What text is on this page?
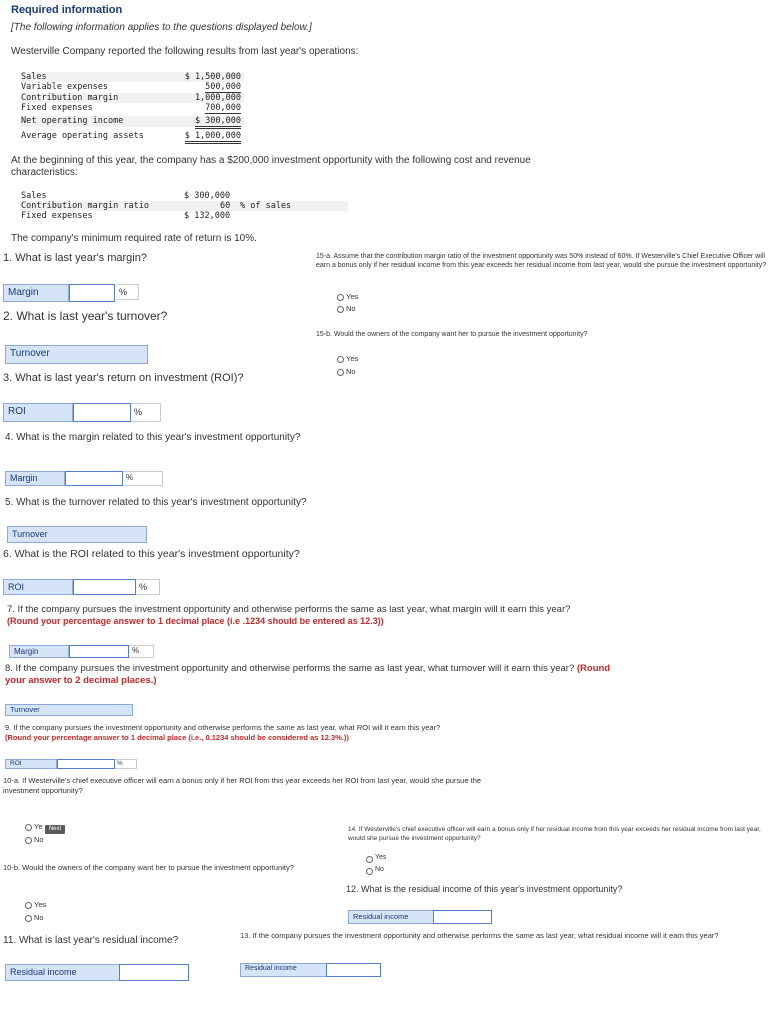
Required information
[The following information applies to the questions displayed below.]
Westerville Company reported the following results from last year's operations:
Sales	$ 1,500,000
Variable expenses	500,000
Contribution margin	1,000,000
Fixed expenses	700,000
Net operating income	$ 300,000
Average operating assets	$ 1,000,000
At the beginning of this year, the company has a $200,000 investment opportunity with the following cost and revenue characteristics:
Sales	$ 300,000
Contribution margin ratio	60 % of sales
Fixed expenses	$ 132,000
The company's minimum required rate of return is 10%.
1. What is last year's margin?
Margin	%
2. What is last year's turnover?
Turnover
3. What is last year's return on investment (ROI)?
ROI	%
4. What is the margin related to this year's investment opportunity?
Margin	%
5. What is the turnover related to this year's investment opportunity?
Turnover
6. What is the ROI related to this year's investment opportunity?
ROI	%
7. If the company pursues the investment opportunity and otherwise performs the same as last year, what margin will it earn this year?
(Round your percentage answer to 1 decimal place (i.e .1234 should be entered as 12.3))
Margin	%
8. If the company pursues the investment opportunity and otherwise performs the same as last year, what turnover will it earn this year? (Round your answer to 2 decimal places.)
Turnover
9. If the company pursues the investment opportunity and otherwise performs the same as last year, what ROI will it earn this year?
(Round your percentage answer to 1 decimal place (i.e., 0.1234 should be considered as 12.3%.))
ROI	%
10-a. If Westerville's chief executive officer will earn a bonus only if her ROI from this year exceeds her ROI from last year, would she pursue the investment opportunity?
Ye	Next
No
10-b. Would the owners of the company want her to pursue the investment opportunity?
Yes
No
11. What is last year's residual income?
Residual income
15-a. Assume that the contribution margin ratio of the investment opportunity was 50% instead of 60%. If Westerville's Chief Executive Officer will earn a bonus only if her residual income from this year exceeds her residual income from last year, would she pursue the investment opportunity?
Yes
No
15-b. Would the owners of the company want her to pursue the investment opportunity?
Yes
No
14. If Westerville's chief executive officer will earn a bonus only if her residual income from this year exceeds her residual income from last year, would she pursue the investment opportunity?
Yes
No
12. What is the residual income of this year's investment opportunity?
Residual income
13. If the company pursues the investment opportunity and otherwise performs the same as last year, what residual income will it earn this year?
Residual income
